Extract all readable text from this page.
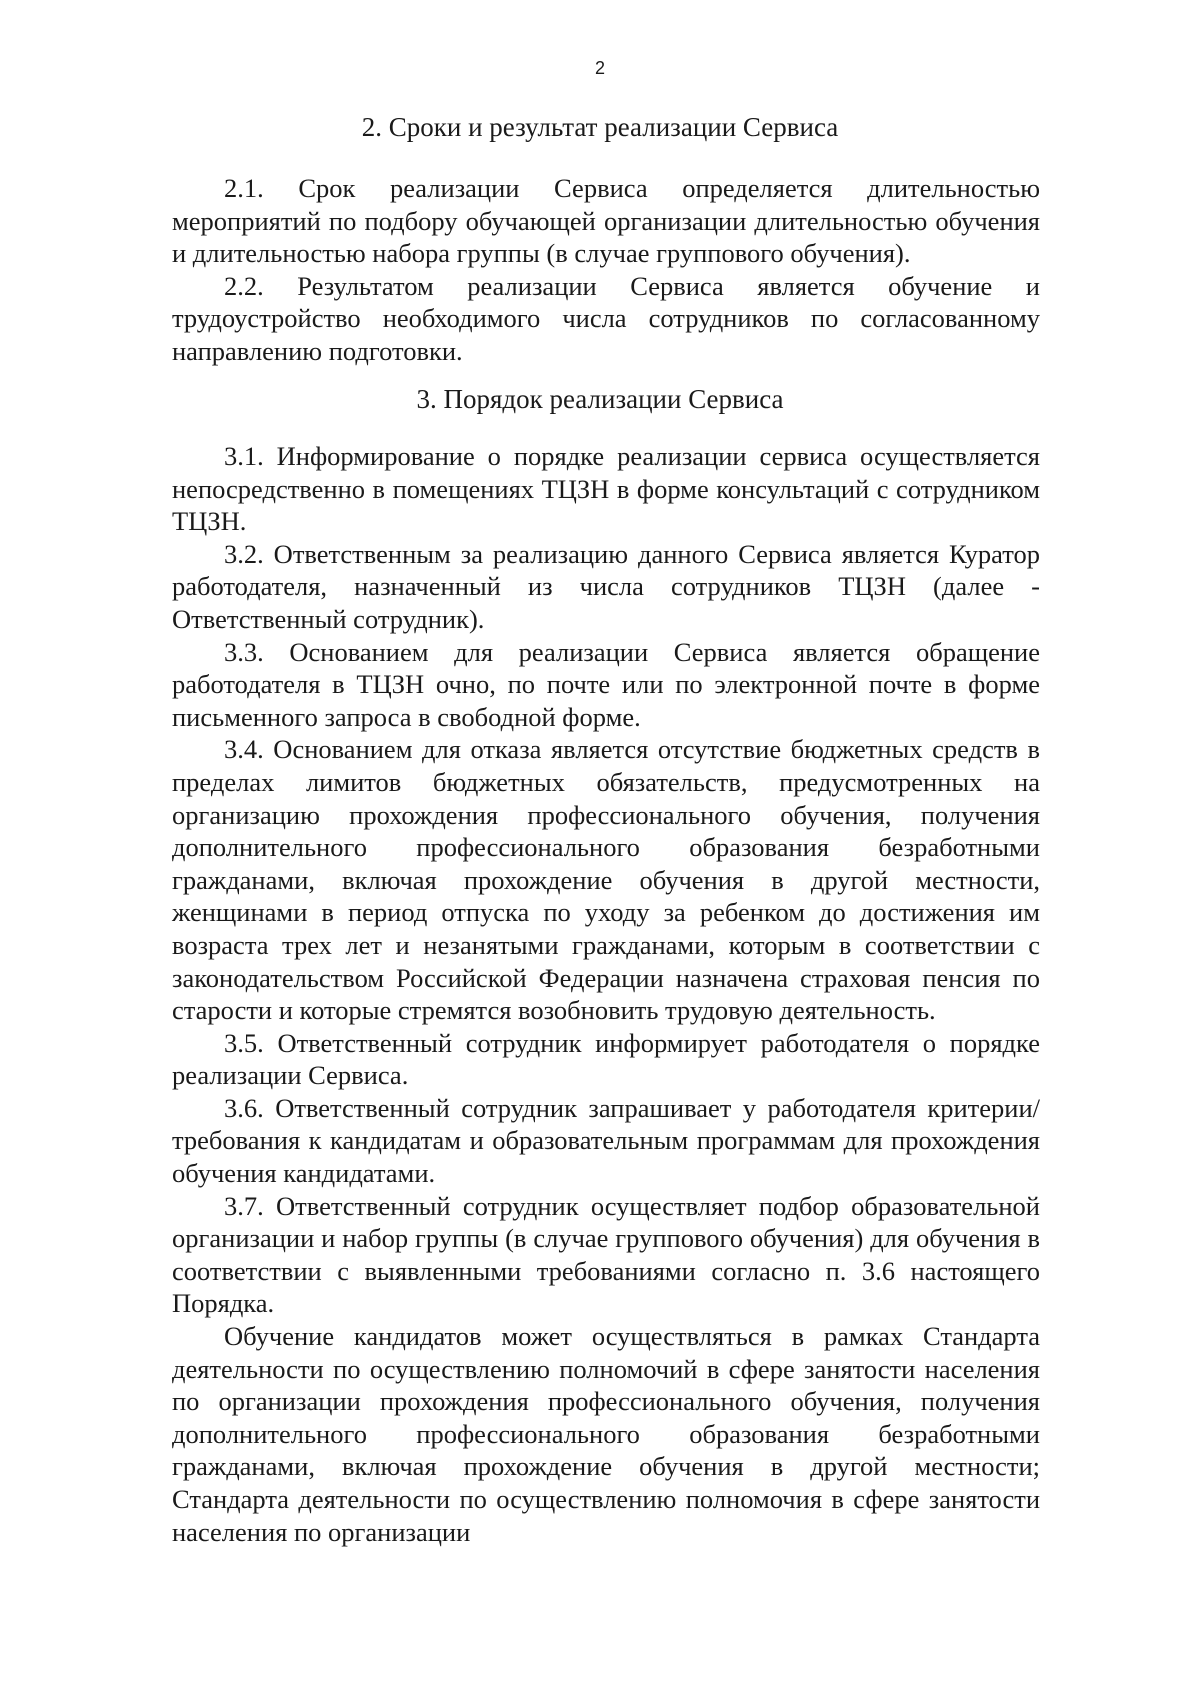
2
2. Сроки и результат реализации Сервиса

2.1. Срок реализации Сервиса определяется длительностью мероприятий по подбору обучающей организации длительностью обучения и длительностью набора группы (в случае группового обучения).

2.2. Результатом реализации Сервиса является обучение и трудоустройство необходимого числа сотрудников по согласованному направлению подготовки.

3. Порядок реализации Сервиса

3.1. Информирование о порядке реализации сервиса осуществляется непосредственно в помещениях ТЦЗН в форме консультаций с сотрудником ТЦЗН.

3.2. Ответственным за реализацию данного Сервиса является Куратор работодателя, назначенный из числа сотрудников ТЦЗН (далее - Ответственный сотрудник).

3.3. Основанием для реализации Сервиса является обращение работодателя в ТЦЗН очно, по почте или по электронной почте в форме письменного запроса в свободной форме.

3.4. Основанием для отказа является отсутствие бюджетных средств в пределах лимитов бюджетных обязательств, предусмотренных на организацию прохождения профессионального обучения, получения дополнительного профессионального образования безработными гражданами, включая прохождение обучения в другой местности, женщинами в период отпуска по уходу за ребенком до достижения им возраста трех лет и незанятыми гражданами, которым в соответствии с законодательством Российской Федерации назначена страховая пенсия по старости и которые стремятся возобновить трудовую деятельность.

3.5. Ответственный сотрудник информирует работодателя о порядке реализации Сервиса.

3.6. Ответственный сотрудник запрашивает у работодателя критерии/требования к кандидатам и образовательным программам для прохождения обучения кандидатами.

3.7. Ответственный сотрудник осуществляет подбор образовательной организации и набор группы (в случае группового обучения) для обучения в соответствии с выявленными требованиями согласно п. 3.6 настоящего Порядка.

Обучение кандидатов может осуществляться в рамках Стандарта деятельности по осуществлению полномочий в сфере занятости населения по организации прохождения профессионального обучения, получения дополнительного профессионального образования безработными гражданами, включая прохождение обучения в другой местности; Стандарта деятельности по осуществлению полномочия в сфере занятости населения по организации
